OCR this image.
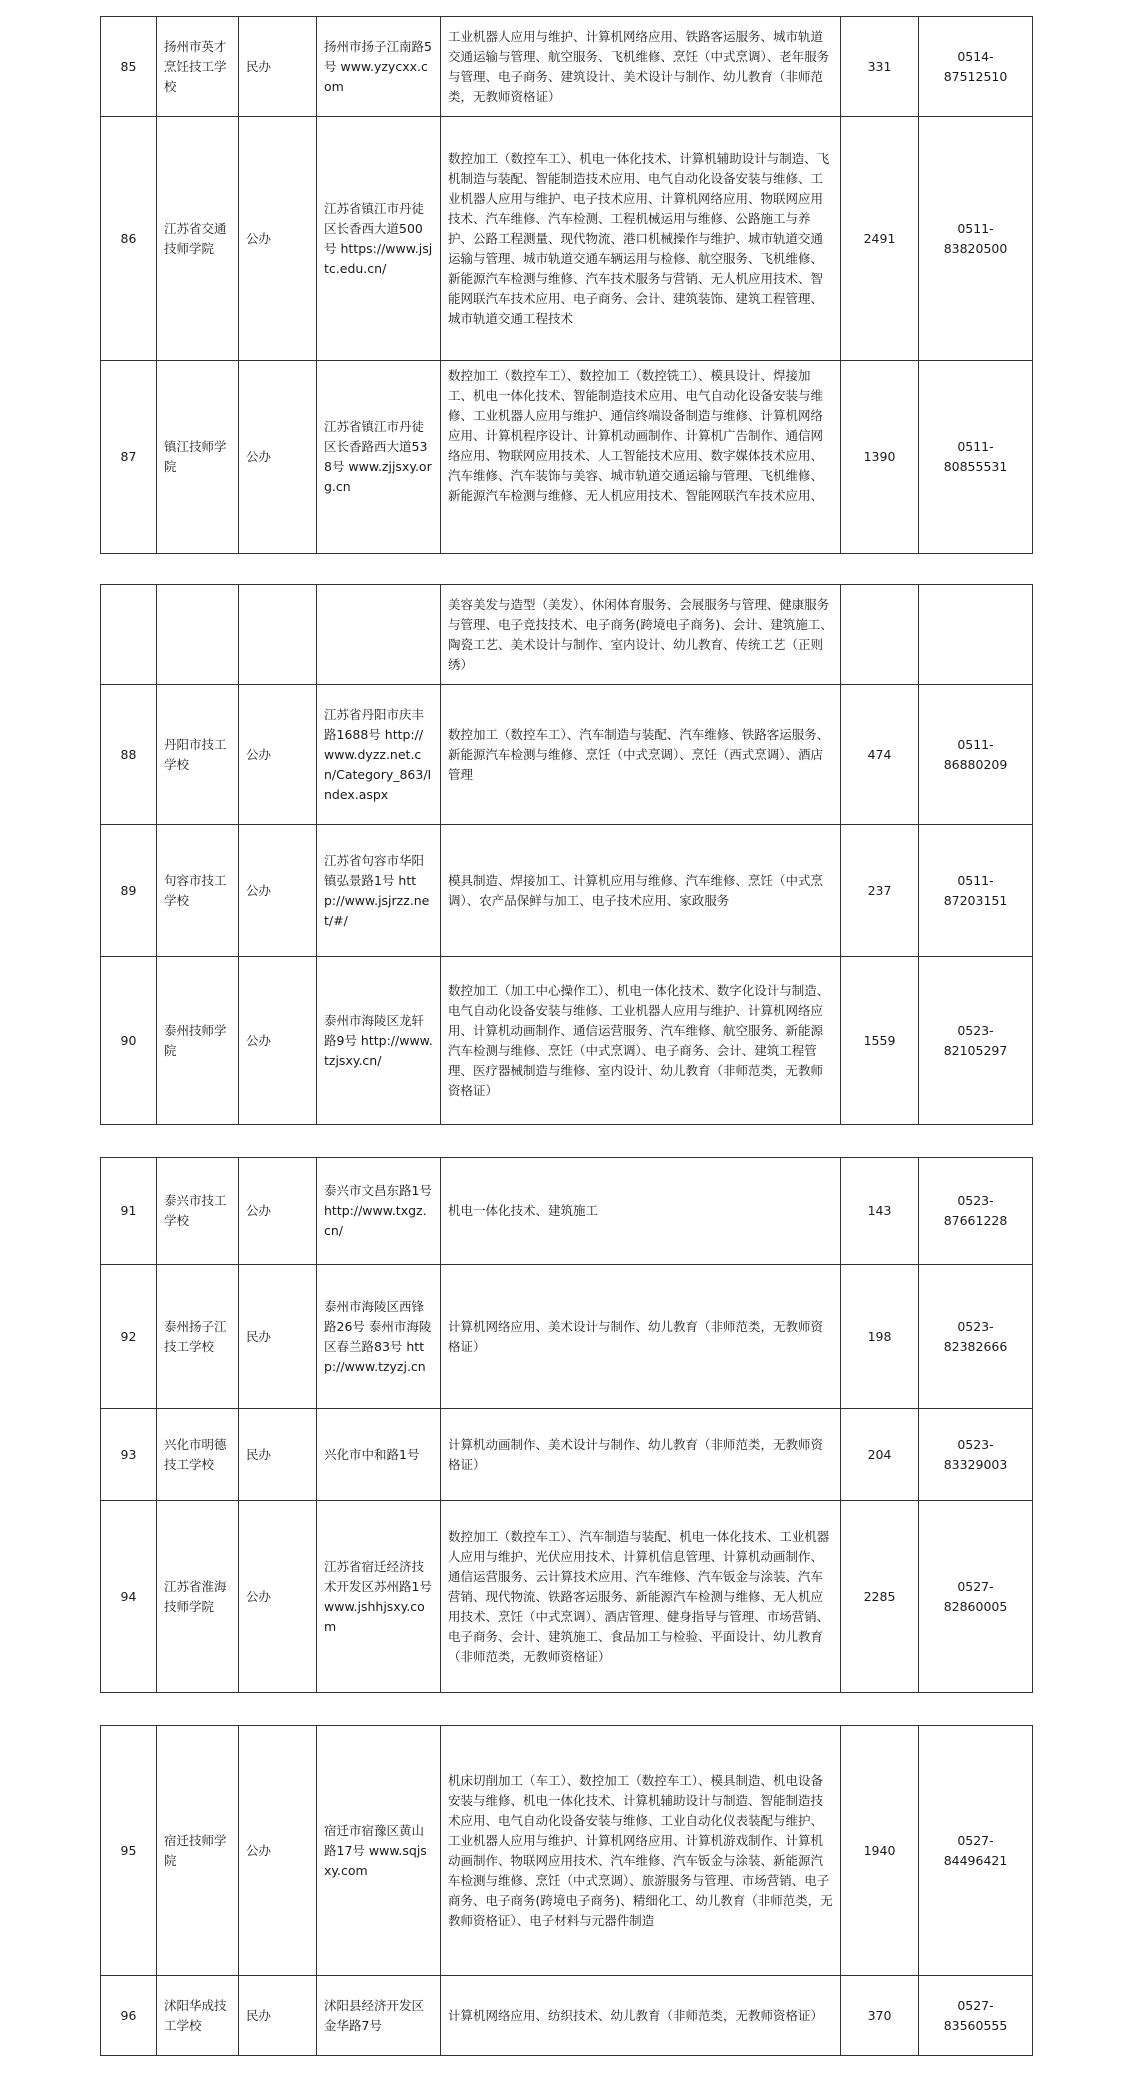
85	扬州市英才烹饪技工学校	民办	扬州市扬子江南路5号 www.yzycxx.com	工业机器人应用与维护、计算机网络应用、铁路客运服务、城市轨道交通运输与管理、航空服务、飞机维修、烹饪（中式烹调）、老年服务与管理、电子商务、建筑设计、美术设计与制作、幼儿教育（非师范类，无教师资格证）	331	0514-87512510
86	江苏省交通技师学院	公办	江苏省镇江市丹徒区长香西大道500号 https://www.jsjtc.edu.cn/	数控加工（数控车工）、机电一体化技术、计算机辅助设计与制造、飞机制造与装配、智能制造技术应用、电气自动化设备安装与维修、工业机器人应用与维护、电子技术应用、计算机网络应用、物联网应用技术、汽车维修、汽车检测、工程机械运用与维修、公路施工与养护、公路工程测量、现代物流、港口机械操作与维护、城市轨道交通运输与管理、城市轨道交通车辆运用与检修、航空服务、飞机维修、新能源汽车检测与维修、汽车技术服务与营销、无人机应用技术、智能网联汽车技术应用、电子商务、会计、建筑装饰、建筑工程管理、城市轨道交通工程技术	2491	0511-83820500
87	镇江技师学院	公办	江苏省镇江市丹徒区长香路西大道538号 www.zjjsxy.org.cn	数控加工（数控车工）、数控加工（数控铣工）、模具设计、焊接加工、机电一体化技术、智能制造技术应用、电气自动化设备安装与维修、工业机器人应用与维护、通信终端设备制造与维修、计算机网络应用、计算机程序设计、计算机动画制作、计算机广告制作、通信网络应用、物联网应用技术、人工智能技术应用、数字媒体技术应用、汽车维修、汽车装饰与美容、城市轨道交通运输与管理、飞机维修、新能源汽车检测与维修、无人机应用技术、智能网联汽车技术应用、	1390	0511-80855531
				美容美发与造型（美发）、休闲体育服务、会展服务与管理、健康服务与管理、电子竞技技术、电子商务(跨境电子商务)、会计、建筑施工、陶瓷工艺、美术设计与制作、室内设计、幼儿教育、传统工艺（正则绣）		
88	丹阳市技工学校	公办	江苏省丹阳市庆丰路1688号 http://www.dyzz.net.cn/Category_863/Index.aspx	数控加工（数控车工）、汽车制造与装配、汽车维修、铁路客运服务、新能源汽车检测与维修、烹饪（中式烹调）、烹饪（西式烹调）、酒店管理	474	0511-86880209
89	句容市技工学校	公办	江苏省句容市华阳镇弘景路1号 http://www.jsjrzz.net/#/	模具制造、焊接加工、计算机应用与维修、汽车维修、烹饪（中式烹调）、农产品保鲜与加工、电子技术应用、家政服务	237	0511-87203151
90	泰州技师学院	公办	泰州市海陵区龙轩路9号 http://www.tzjsxy.cn/	数控加工（加工中心操作工）、机电一体化技术、数字化设计与制造、电气自动化设备安装与维修、工业机器人应用与维护、计算机网络应用、计算机动画制作、通信运营服务、汽车维修、航空服务、新能源汽车检测与维修、烹饪（中式烹调）、电子商务、会计、建筑工程管理、医疗器械制造与维修、室内设计、幼儿教育（非师范类，无教师资格证）	1559	0523-82105297
91	泰兴市技工学校	公办	泰兴市文昌东路1号 http://www.txgz.cn/	机电一体化技术、建筑施工	143	0523-87661228
92	泰州扬子江技工学校	民办	泰州市海陵区西锋路26号 泰州市海陵区春兰路83号 http://www.tzyzj.cn	计算机网络应用、美术设计与制作、幼儿教育（非师范类，无教师资格证）	198	0523-82382666
93	兴化市明德技工学校	民办	兴化市中和路1号	计算机动画制作、美术设计与制作、幼儿教育（非师范类，无教师资格证）	204	0523-83329003
94	江苏省淮海技师学院	公办	江苏省宿迁经济技术开发区苏州路1号 www.jshhjsxy.com	数控加工（数控车工）、汽车制造与装配、机电一体化技术、工业机器人应用与维护、光伏应用技术、计算机信息管理、计算机动画制作、通信运营服务、云计算技术应用、汽车维修、汽车钣金与涂装、汽车营销、现代物流、铁路客运服务、新能源汽车检测与维修、无人机应用技术、烹饪（中式烹调）、酒店管理、健身指导与管理、市场营销、电子商务、会计、建筑施工、食品加工与检验、平面设计、幼儿教育（非师范类，无教师资格证）	2285	0527-82860005
95	宿迁技师学院	公办	宿迁市宿豫区黄山路17号 www.sqjsxy.com	机床切削加工（车工）、数控加工（数控车工）、模具制造、机电设备安装与维修、机电一体化技术、计算机辅助设计与制造、智能制造技术应用、电气自动化设备安装与维修、工业自动化仪表装配与维护、工业机器人应用与维护、计算机网络应用、计算机游戏制作、计算机动画制作、物联网应用技术、汽车维修、汽车钣金与涂装、新能源汽车检测与维修、烹饪（中式烹调）、旅游服务与管理、市场营销、电子商务、电子商务(跨境电子商务)、精细化工、幼儿教育（非师范类，无教师资格证）、电子材料与元器件制造	1940	0527-84496421
96	沭阳华成技工学校	民办	沭阳县经济开发区金华路7号	计算机网络应用、纺织技术、幼儿教育（非师范类，无教师资格证）	370	0527-83560555
